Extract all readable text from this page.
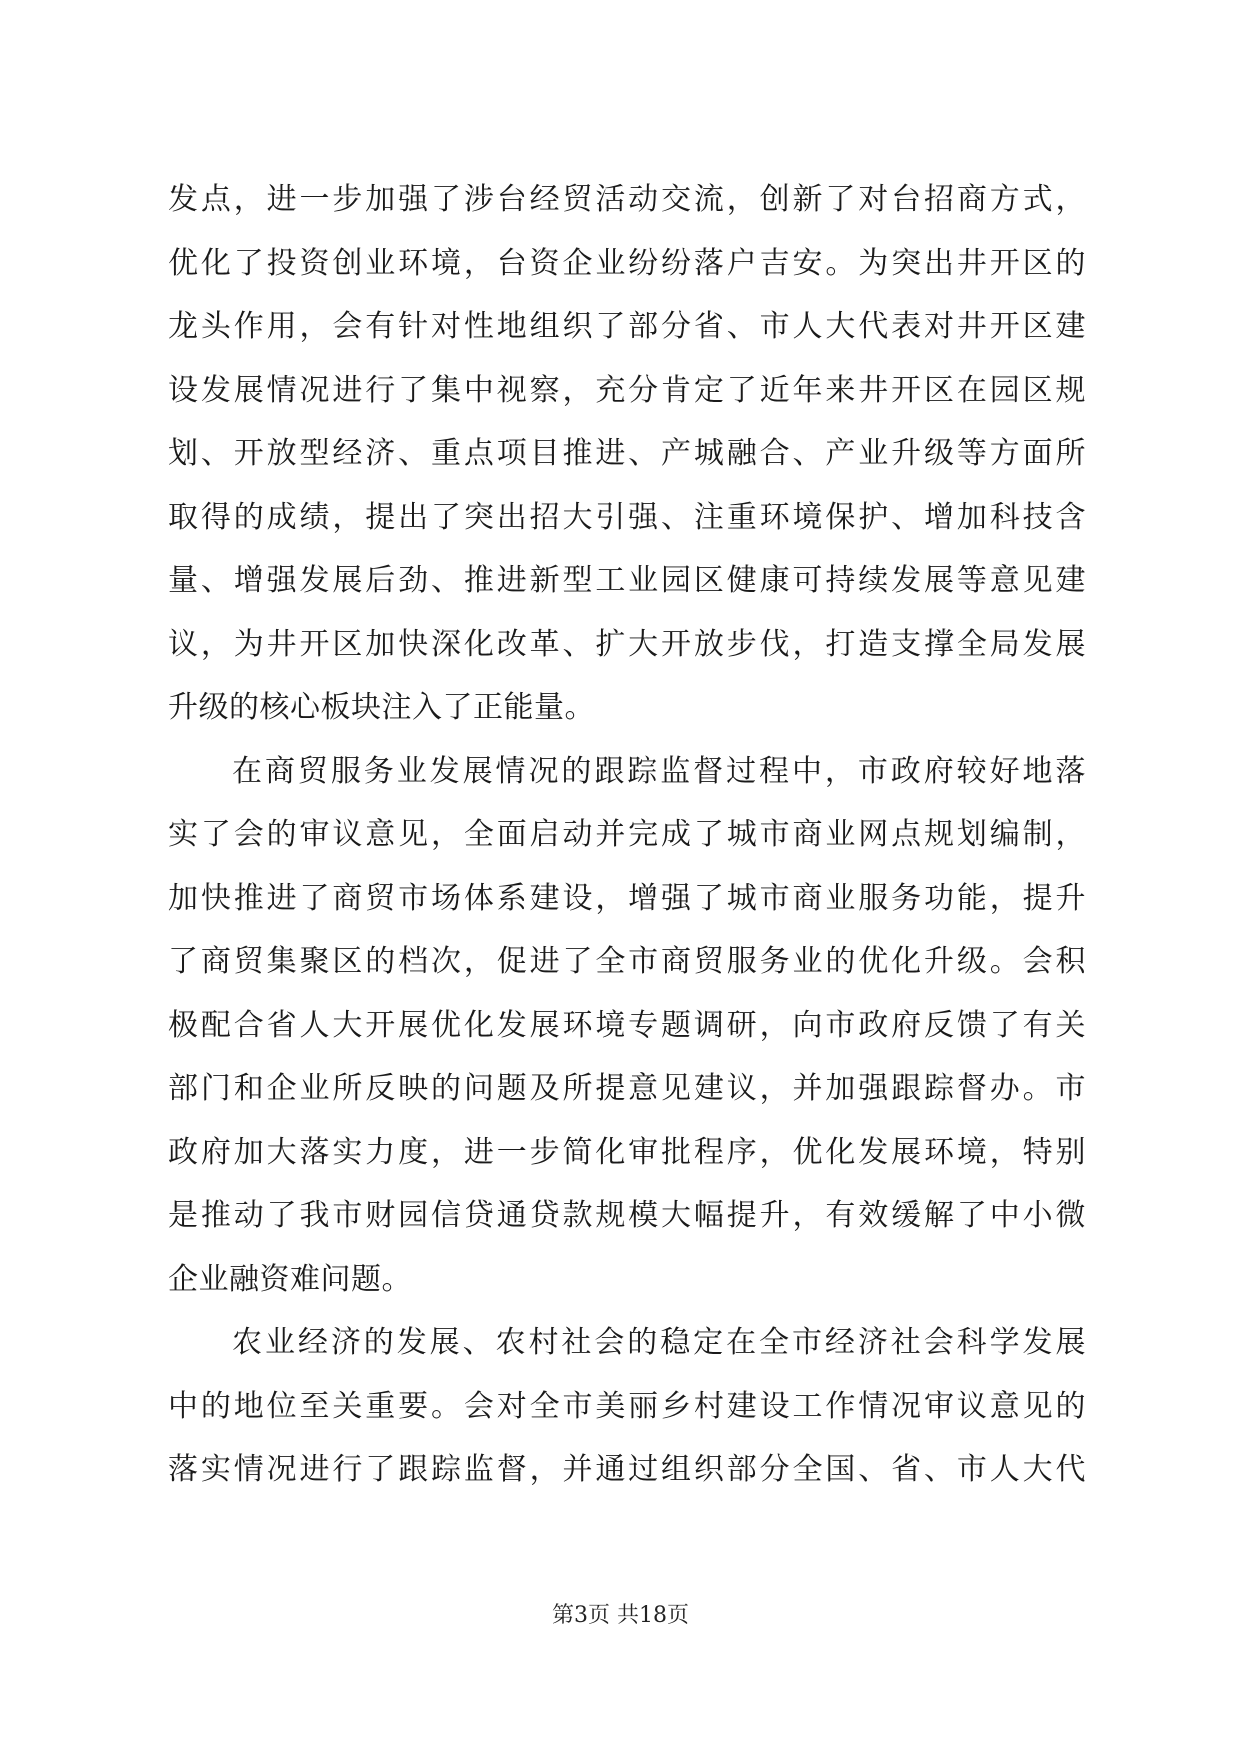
发点，进一步加强了涉台经贸活动交流，创新了对台招商方式，
优化了投资创业环境，台资企业纷纷落户吉安。为突出井开区的
龙头作用，会有针对性地组织了部分省、市人大代表对井开区建
设发展情况进行了集中视察，充分肯定了近年来井开区在园区规
划、开放型经济、重点项目推进、产城融合、产业升级等方面所
取得的成绩，提出了突出招大引强、注重环境保护、增加科技含
量、增强发展后劲、推进新型工业园区健康可持续发展等意见建
议，为井开区加快深化改革、扩大开放步伐，打造支撑全局发展
升级的核心板块注入了正能量。
在商贸服务业发展情况的跟踪监督过程中，市政府较好地落
实了会的审议意见，全面启动并完成了城市商业网点规划编制，
加快推进了商贸市场体系建设，增强了城市商业服务功能，提升
了商贸集聚区的档次，促进了全市商贸服务业的优化升级。会积
极配合省人大开展优化发展环境专题调研，向市政府反馈了有关
部门和企业所反映的问题及所提意见建议，并加强跟踪督办。市
政府加大落实力度，进一步简化审批程序，优化发展环境，特别
是推动了我市财园信贷通贷款规模大幅提升，有效缓解了中小微
企业融资难问题。
农业经济的发展、农村社会的稳定在全市经济社会科学发展
中的地位至关重要。会对全市美丽乡村建设工作情况审议意见的
落实情况进行了跟踪监督，并通过组织部分全国、省、市人大代
第3页 共18页
